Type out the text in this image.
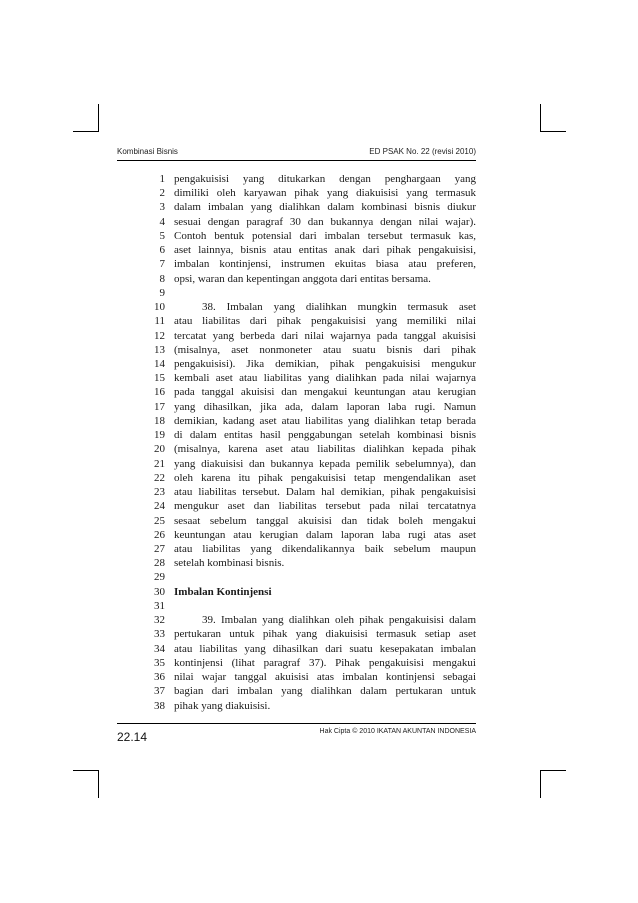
Kombinasi Bisnis	ED PSAK No. 22 (revisi 2010)
1 pengakuisisi yang ditukarkan dengan penghargaan yang
2 dimiliki oleh karyawan pihak yang diakuisisi yang termasuk
3 dalam imbalan yang dialihkan dalam kombinasi bisnis diukur
4 sesuai dengan paragraf 30 dan bukannya dengan nilai wajar).
5 Contoh bentuk potensial dari imbalan tersebut termasuk kas,
6 aset lainnya, bisnis atau entitas anak dari pihak pengakuisisi,
7 imbalan kontinjensi, instrumen ekuitas biasa atau preferen,
8 opsi, waran dan kepentingan anggota dari entitas bersama.
9
10	38. Imbalan yang dialihkan mungkin termasuk aset
11 atau liabilitas dari pihak pengakuisisi yang memiliki nilai
12 tercatat yang berbeda dari nilai wajarnya pada tanggal akuisisi
13 (misalnya, aset nonmoneter atau suatu bisnis dari pihak
14 pengakuisisi). Jika demikian, pihak pengakuisisi mengukur
15 kembali aset atau liabilitas yang dialihkan pada nilai wajarnya
16 pada tanggal akuisisi dan mengakui keuntungan atau kerugian
17 yang dihasilkan, jika ada, dalam laporan laba rugi. Namun
18 demikian, kadang aset atau liabilitas yang dialihkan tetap berada
19 di dalam entitas hasil penggabungan setelah kombinasi bisnis
20 (misalnya, karena aset atau liabilitas dialihkan kepada pihak
21 yang diakuisisi dan bukannya kepada pemilik sebelumnya), dan
22 oleh karena itu pihak pengakuisisi tetap mengendalikan aset
23 atau liabilitas tersebut. Dalam hal demikian, pihak pengakuisisi
24 mengukur aset dan liabilitas tersebut pada nilai tercatatnya
25 sesaat sebelum tanggal akuisisi dan tidak boleh mengakui
26 keuntungan atau kerugian dalam laporan laba rugi atas aset
27 atau liabilitas yang dikendalikannya baik sebelum maupun
28 setelah kombinasi bisnis.
29
30 Imbalan Kontinjensi
31
32	39. Imbalan yang dialihkan oleh pihak pengakuisisi dalam
33 pertukaran untuk pihak yang diakuisisi termasuk setiap aset
34 atau liabilitas yang dihasilkan dari suatu kesepakatan imbalan
35 kontinjensi (lihat paragraf 37). Pihak pengakuisisi mengakui
36 nilai wajar tanggal akuisisi atas imbalan kontinjensi sebagai
37 bagian dari imbalan yang dialihkan dalam pertukaran untuk
38 pihak yang diakuisisi.
22.14	Hak Cipta © 2010 IKATAN AKUNTAN INDONESIA
